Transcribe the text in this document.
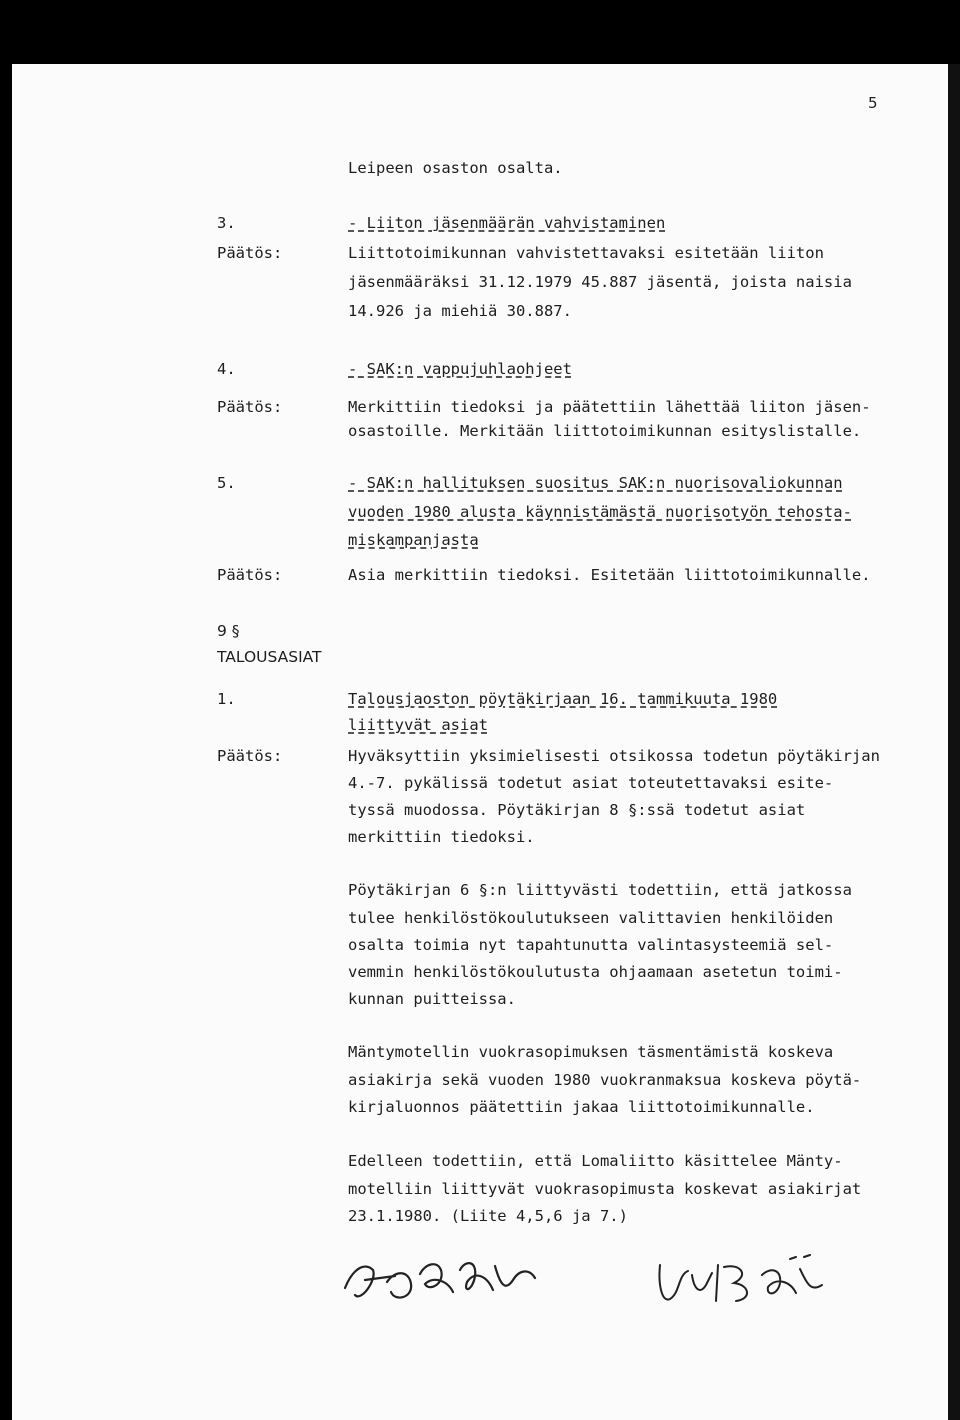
5
Leipeen osaston osalta.
3.	- Liiton jäsenmäärän vahvistaminen
Päätös:	Liittotoimikunnan vahvistettavaksi esitetään liiton
jäsenmääräksi 31.12.1979 45.887 jäsentä, joista naisia
14.926 ja miehiä 30.887.
4.	- SAK:n vappujuhlaohjeet
Päätös:	Merkittiin tiedoksi ja päätettiin lähettää liiton jäsen-
osastoille. Merkitään liittotoimikunnan esityslistalle.
5.	- SAK:n hallituksen suositus SAK:n nuorisovaliokunnan
vuoden 1980 alusta käynnistämästä nuorisotyön tehosta-
miskampanjasta
Päätös:	Asia merkittiin tiedoksi. Esitetään liittotoimikunnalle.
9 §
TALOUSASIAT
1.	Talousjaoston pöytäkirjaan 16. tammikuuta 1980
liittyvät asiat
Päätös:	Hyväksyttiin yksimielisesti otsikossa todetun pöytäkirjan
4.-7. pykälissä todetut asiat toteutettavaksi esite-
tyssä muodossa. Pöytäkirjan 8 §:ssä todetut asiat
merkittiin tiedoksi.
Pöytäkirjan 6 §:n liittyvästi todettiin, että jatkossa
tulee henkilöstökoulutukseen valittavien henkilöiden
osalta toimia nyt tapahtunutta valintasysteemiä sel-
vemmin henkilöstökoulutusta ohjaamaan asetetun toimi-
kunnan puitteissa.
Mäntymotellin vuokrasopimuksen täsmentämistä koskeva
asiakirja sekä vuoden 1980 vuokranmaksua koskeva pöytä-
kirjaluonnos päätettiin jakaa liittotoimikunnalle.
Edelleen todettiin, että Lomaliitto käsittelee Mänty-
motelliin liittyvät vuokrasopimusta koskevat asiakirjat
23.1.1980. (Liite 4,5,6 ja 7.)
